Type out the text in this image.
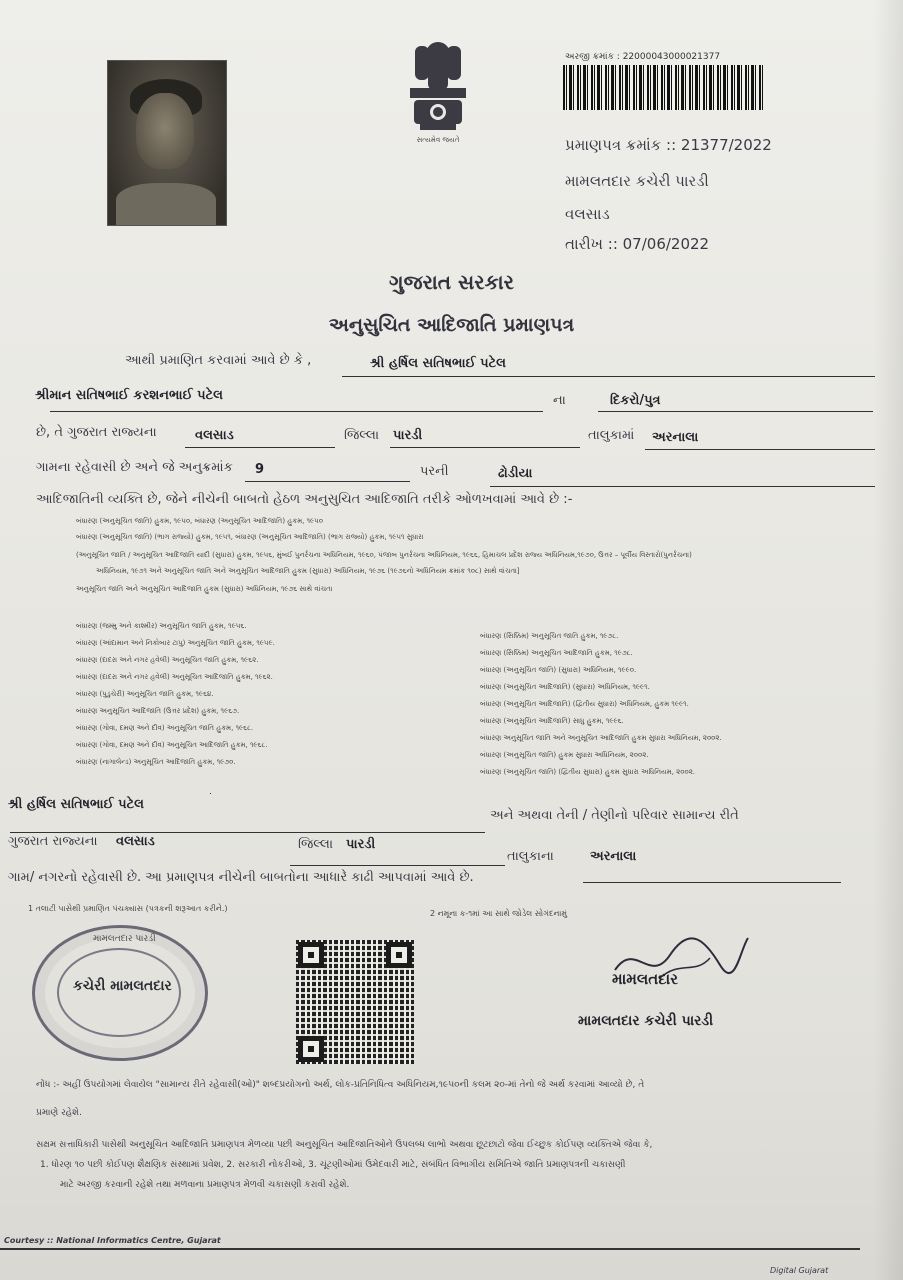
સત્યમેવ જયતે
અરજી ક્રમાંક : 22000043000021377
પ્રમાણપત્ર ક્રમાંક :: 21377/2022
મામલતદાર કચેરી પારડી
વલસાડ
તારીખ :: 07/06/2022
ગુજરાત સરકાર
અનુસુચિત આદિજાતિ પ્રમાણપત્ર
આથી પ્રમાણિત કરવામાં આવે છે કે ,	શ્રી હર્ષિલ સતિષભાઈ પટેલ
શ્રીમાન સતિષભાઈ કરશનભાઈ પટેલ	ના	દિકરો/પુત્ર
છે, તે ગુજરાત રાજ્યના	વલસાડ	જિલ્લા પારડી	તાલુકામાં અરનાલા
ગામના રહેવાસી છે અને જે અનુક્રમાંક 9	પરની	ઢોડીયા
આદિજાતિની વ્યક્તિ છે, જેને નીચેની બાબતો હેઠળ અનુસુચિત આદિજાતિ તરીકે ઓળખવામાં આવે છે :-
બંધારણ (અનુસૂચિત જાતિ) હુકમ, ૧૯૫૦, બંધારણ (અનુસૂચિત આદિજાતિ) હુકમ, ૧૯૫૦
બંધારણ (અનુસૂચિત જાતિ) (ભાગ રાજ્યો) હુકમ, ૧૯૫૧, બંધારણ (અનુસૂચિત આદિજાતિ) (ભાગ રાજ્યો) હુકમ, ૧૯૫૧ સુધારા
(અનુસૂચિત જાતિ / અનુસૂચિત આદિજાતિ યાદી (સુધારા) હુકમ, ૧૯૫૬, મુંબઈ પુનર્રચના અધિનિયમ, ૧૯૬૦, પંજાબ પુનર્રચના અધિનિયમ, ૧૯૬૬, હિમાચલ પ્રદેશ રાજ્ય અધિનિયમ,૧૯૭૦, ઉત્તર – પૂર્વીય વિસ્તારો(પુનર્રચના)
અધિનિયમ, ૧૯૭૧ અને અનુસૂચિત જાતિ અને અનુસૂચિત આદિજાતિ હુકમ (સુધારા) અધિનિયમ, ૧૯૭૬ (૧૯૭૬નો અધિનિયમ ક્રમાંક ૧૦૮) સાથે વાંચતા]
અનુસૂચિત જાતિ અને અનુસૂચિત આદિજાતિ હુકમ (સુધારા) અધિનિયમ, ૧૯૭૬ સાથે વાંચતા
બંધારણ (જમ્મુ અને કાશ્મીર) અનુસૂચિત જાતિ હુકમ, ૧૯૫૬.
બંધારણ (આંદામાન અને નિકોબાર ટાપુ) અનુસૂચિત જાતિ હુકમ, ૧૯૫૯.
બંધારણ (દાદરા અને નગર હવેલી) અનુસૂચિત જાતિ હુકમ, ૧૯૬૨.
બંધારણ (દાદરા અને નગર હવેલી) અનુસૂચિત આદિજાતિ હુકમ, ૧૯૬૨.
બંધારણ (પુડુચેરી) અનુસૂચિત જાતિ હુકમ, ૧૯૬૪.
બંધારણ અનુસૂચિત આદિજાતિ (ઉત્તર પ્રદેશ) હુકમ, ૧૯૬૭.
બંધારણ (ગોવા, દમણ અને દીવ) અનુસૂચિત જાતિ હુકમ, ૧૯૬૮.
બંધારણ (ગોવા, દમણ અને દીવ) અનુસૂચિત આદિજાતિ હુકમ, ૧૯૬૮.
બંધારણ (નાગાલેન્ડ) અનુસૂચિત આદિજાતિ હુકમ, ૧૯૭૦.
બંધારણ (સિક્કિમ) અનુસૂચિત જાતિ હુકમ, ૧૯૭૮.
બંધારણ (સિક્કિમ) અનુસૂચિત આદિજાતિ હુકમ, ૧૯૭૮.
બંધારણ (અનુસૂચિત જાતિ) (સુધારા) અધિનિયમ, ૧૯૯૦.
બંધારણ (અનુસૂચિત આદિજાતિ) (સુધારા) અધિનિયમ, ૧૯૯૧.
બંધારણ (અનુસૂચિત આદિજાતિ) (દ્વિતીય સુધારા) અધિનિયમ, હુકમ ૧૯૯૧.
બંધારણ (અનુસૂચિત આદિજાતિ) સાધુ હુકમ, ૧૯૯૬.
બંધારણ અનુસૂચિત જાતિ અને અનુસૂચિત આદિજાતિ હુકમ સુધારા અધિનિયમ, ૨૦૦૨.
બંધારણ (અનુસૂચિત જાતિ) હુકમ સુધારા અધિનિયમ, ૨૦૦૨.
બંધારણ (અનુસૂચિત જાતિ) (દ્વિતીય સુધારા) હુકમ સુધારા અધિનિયમ, ૨૦૦૨.
શ્રી હર્ષિલ સતિષભાઈ પટેલ
અને અથવા તેની / તેણીનો પરિવાર સામાન્ય રીતે
ગુજરાત રાજ્યના વલસાડ	જિલ્લા પારડી
તાલુકાના	અરનાલા
ગામ/ નગરનો રહેવાસી છે. આ પ્રમાણપત્ર નીચેની બાબતોના આધારે કાઢી આપવામાં આવે છે.
1 તલાટી પાસેથી પ્રમાણિત પંચક્યાસ (પત્રકની શરૂઆત કરીને.)
2 નમૂના ક-૧માં આ સાથે જોડેલ સોગંદનામું
મામલતદાર પારડી
કચેરી મામલતદાર	મામલતદાર
મામલતદાર કચેરી પારડી
નોંધ :- અહીં ઉપયોગમાં લેવાયેલ "સામાન્ય રીતે રહેવાસી(ઓ)" શબ્દપ્રયોગનો અર્થ, લોક-પ્રતિનિધિત્વ અધિનિયમ,૧૯૫૦ની કલમ ૨૦-માં તેનો જે અર્થ કરવામાં આવ્યો છે, તે
પ્રમાણે રહેશે.
સક્ષમ સત્તાધિકારી પાસેથી અનુસૂચિત આદિજાતિ પ્રમાણપત્ર મેળવ્યા પછી અનુસૂચિત આદિજાતિઓને ઉપલબ્ધ લાભો અથવા છૂટછાટો જેવા ઈચ્છુક કોઈપણ વ્યક્તિએ જેવા કે,
1. ધોરણ ૧૦ પછી કોઈપણ શૈક્ષણિક સંસ્થામાં પ્રવેશ, 2. સરકારી નોકરીઓ, 3. ચૂંટણીઓમાં ઉમેદવારી માટે, સંબંધિત વિભાગીય સમિતિએ જાતિ પ્રમાણપત્રની ચકાસણી
માટે અરજી કરવાની રહેશે તથા મળવાના પ્રમાણપત્ર મેળવી ચકાસણી કરાવી રહેશે.
Courtesy :: National Informatics Centre, Gujarat
Digital Gujarat
